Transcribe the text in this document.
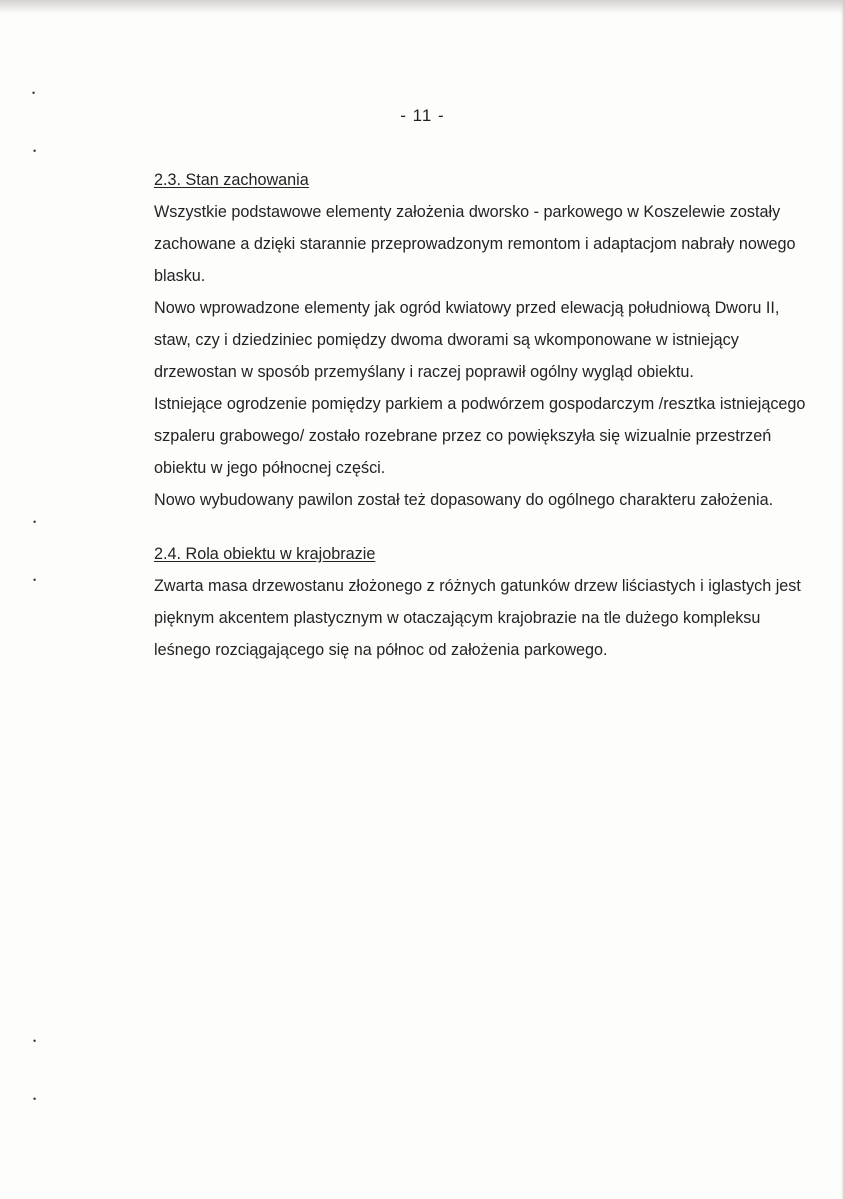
•
•
•
•
•
•
- 11 -

2.3. Stan zachowania

Wszystkie podstawowe elementy założenia dworsko - parkowego w Koszelewie zostały zachowane a dzięki starannie przeprowadzonym remontom i adaptacjom nabrały nowego blasku.

Nowo wprowadzone elementy jak ogród kwiatowy przed elewacją południową Dworu II, staw, czy i dziedziniec pomiędzy dwoma dworami są wkomponowane w istniejący drzewostan w sposób przemyślany i raczej poprawił ogólny wygląd obiektu.

Istniejące ogrodzenie pomiędzy parkiem a podwórzem gospodarczym /resztka istniejącego szpaleru grabowego/ zostało rozebrane przez co powiększyła się wizualnie przestrzeń obiektu w jego północnej części.

Nowo wybudowany pawilon został też dopasowany do ogólnego charakteru założenia.

2.4. Rola obiektu w krajobrazie

Zwarta masa drzewostanu złożonego z różnych gatunków drzew liściastych i iglastych jest pięknym akcentem plastycznym w otaczającym krajobrazie na tle dużego kompleksu leśnego rozciągającego się na północ od założenia parkowego.
